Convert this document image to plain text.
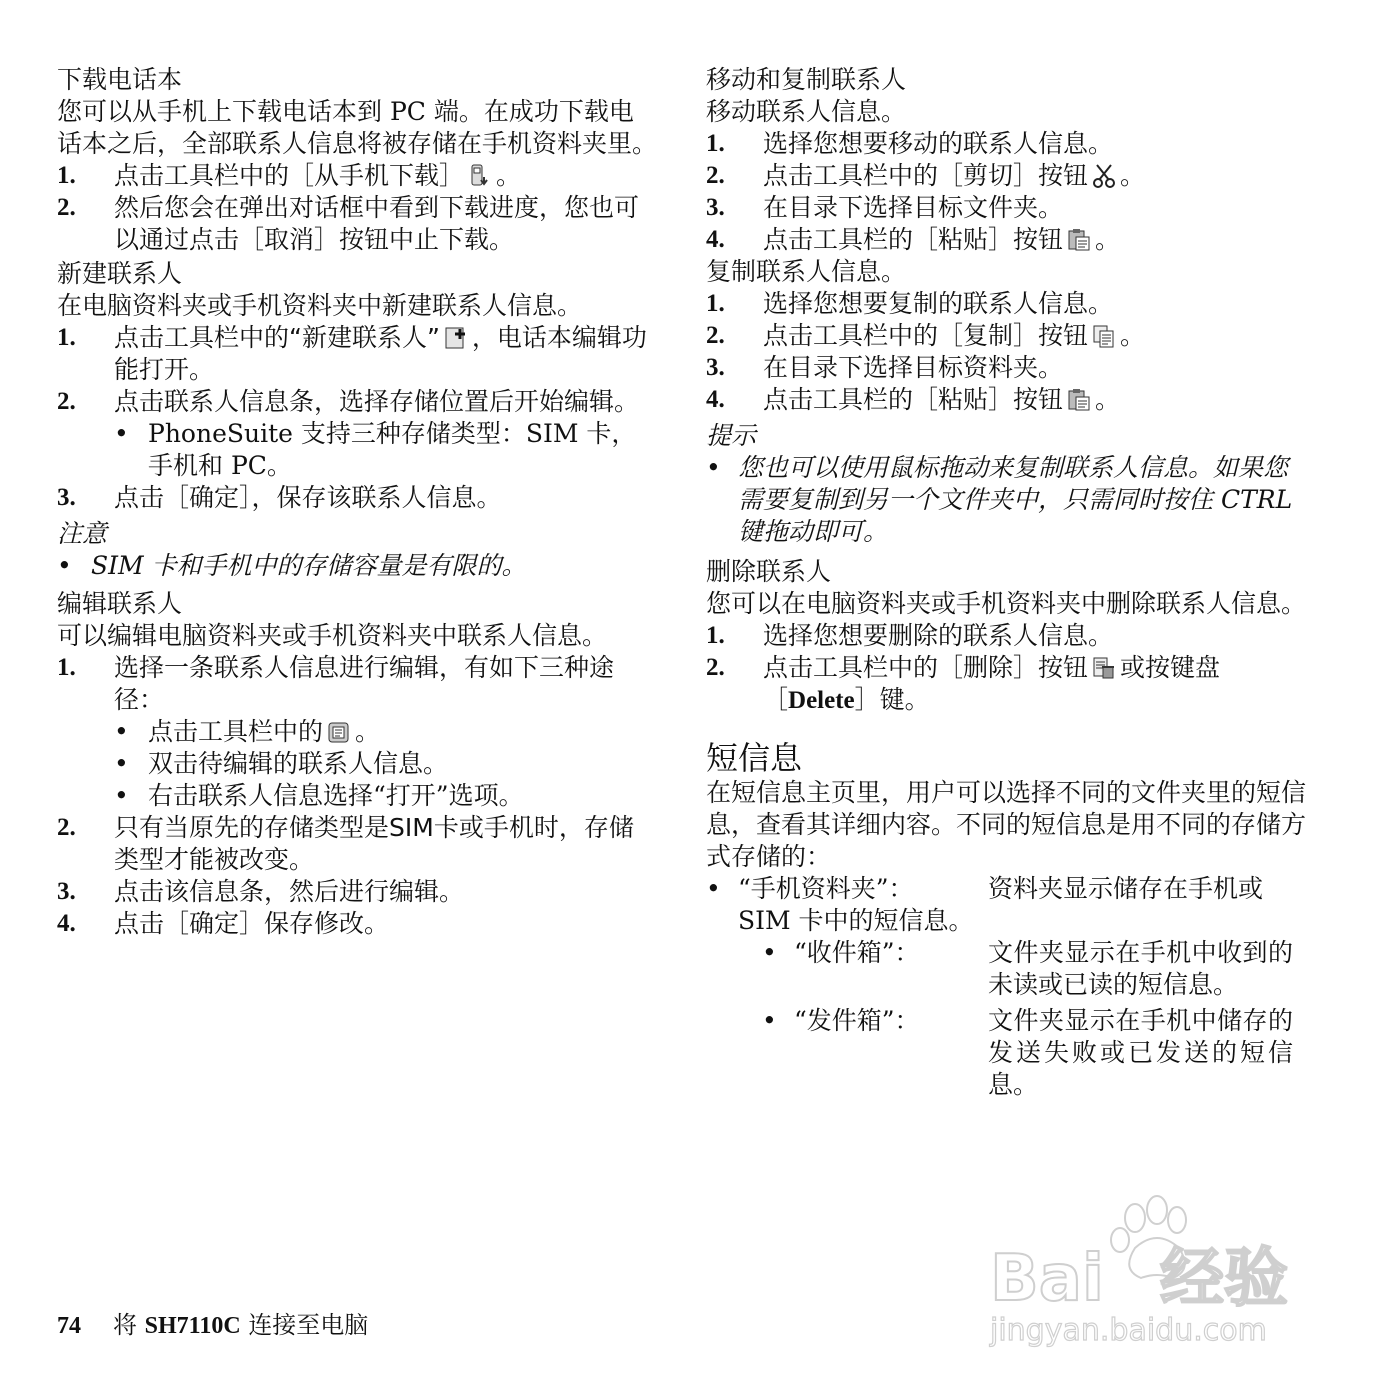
下载电话本
您可以从手机上下载电话本到 PC 端。在成功下载电话本之后，全部联系人信息将被存储在手机资料夹里。
1.	点击工具栏中的［从手机下载］ 。
2.	然后您会在弹出对话框中看到下载进度，您也可以通过点击［取消］按钮中止下载。
新建联系人
在电脑资料夹或手机资料夹中新建联系人信息。
1.	点击工具栏中的“新建联系人” ，电话本编辑功能打开。
2.	点击联系人信息条，选择存储位置后开始编辑。
• PhoneSuite 支持三种存储类型：SIM 卡，手机和 PC。
3.	点击［确定］，保存该联系人信息。
注意
• SIM 卡和手机中的存储容量是有限的。
编辑联系人
可以编辑电脑资料夹或手机资料夹中联系人信息。
1.	选择一条联系人信息进行编辑，有如下三种途径：
• 点击工具栏中的 。
• 双击待编辑的联系人信息。
• 右击联系人信息选择“打开”选项。
2.	只有当原先的存储类型是SIM卡或手机时，存储类型才能被改变。
3.	点击该信息条，然后进行编辑。
4.	点击［确定］保存修改。
移动和复制联系人
移动联系人信息。
1.	选择您想要移动的联系人信息。
2.	点击工具栏中的［剪切］按钮 。
3.	在目录下选择目标文件夹。
4.	点击工具栏的［粘贴］按钮 。
复制联系人信息。
1.	选择您想要复制的联系人信息。
2.	点击工具栏中的［复制］按钮 。
3.	在目录下选择目标资料夹。
4.	点击工具栏的［粘贴］按钮 。
提示
• 您也可以使用鼠标拖动来复制联系人信息。如果您需要复制到另一个文件夹中，只需同时按住 CTRL 键拖动即可。
删除联系人
您可以在电脑资料夹或手机资料夹中删除联系人信息。
1.	选择您想要删除的联系人信息。
2.	点击工具栏中的［删除］按钮 或按键盘［Delete］键。
短信息
在短信息主页里，用户可以选择不同的文件夹里的短信息，查看其详细内容。不同的短信息是用不同的存储方式存储的：
• “手机资料夹”：	资料夹显示储存在手机或SIM 卡中的短信息。
• “收件箱”：	文件夹显示在手机中收到的未读或已读的短信息。
• “发件箱”：	文件夹显示在手机中储存的发送失败或已发送的短信息。
74 将 SH7110C 连接至电脑
Bai 经验
jingyan.baidu.com
